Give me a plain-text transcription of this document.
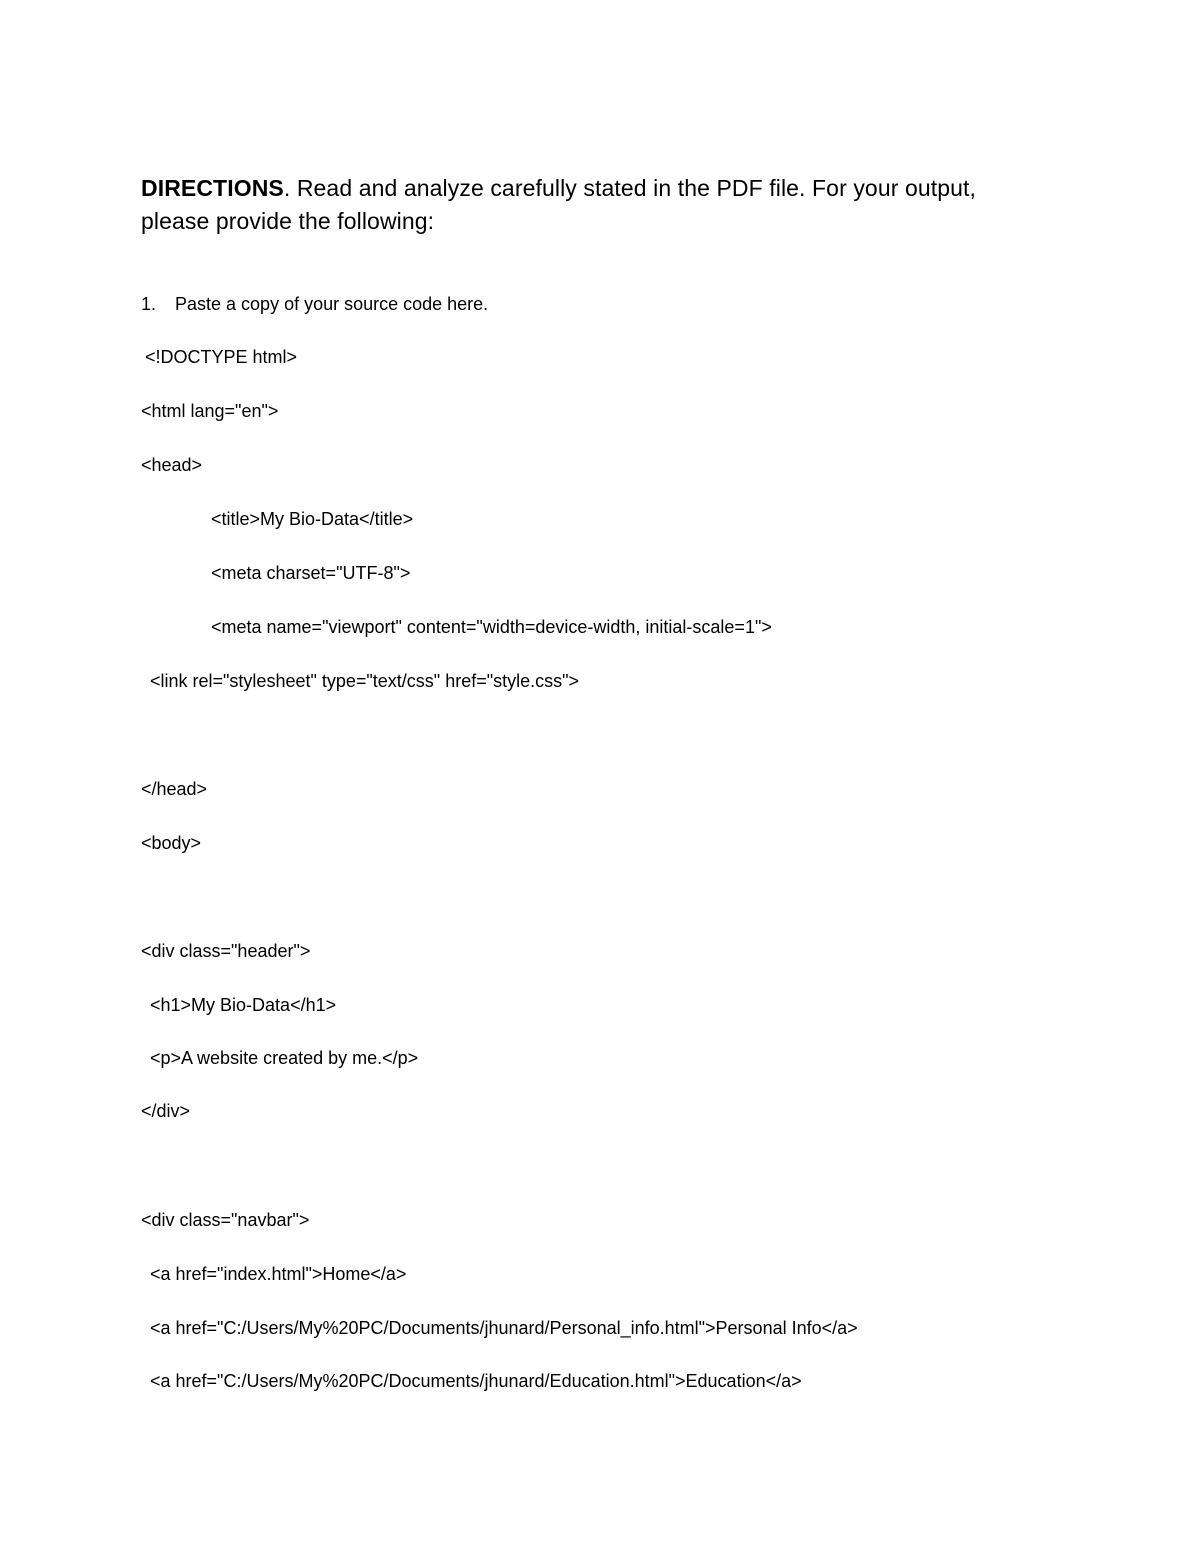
DIRECTIONS. Read and analyze carefully stated in the PDF file. For your output, please provide the following:
1. Paste a copy of your source code here.
<!DOCTYPE html>
<html lang="en">
<head>
<title>My Bio-Data</title>
<meta charset="UTF-8">
<meta name="viewport" content="width=device-width, initial-scale=1">
<link rel="stylesheet" type="text/css" href="style.css">
</head>
<body>
<div class="header">
<h1>My Bio-Data</h1>
<p>A website created by me.</p>
</div>
<div class="navbar">
<a href="index.html">Home</a>
<a href="C:/Users/My%20PC/Documents/jhunard/Personal_info.html">Personal Info</a>
<a href="C:/Users/My%20PC/Documents/jhunard/Education.html">Education</a>
